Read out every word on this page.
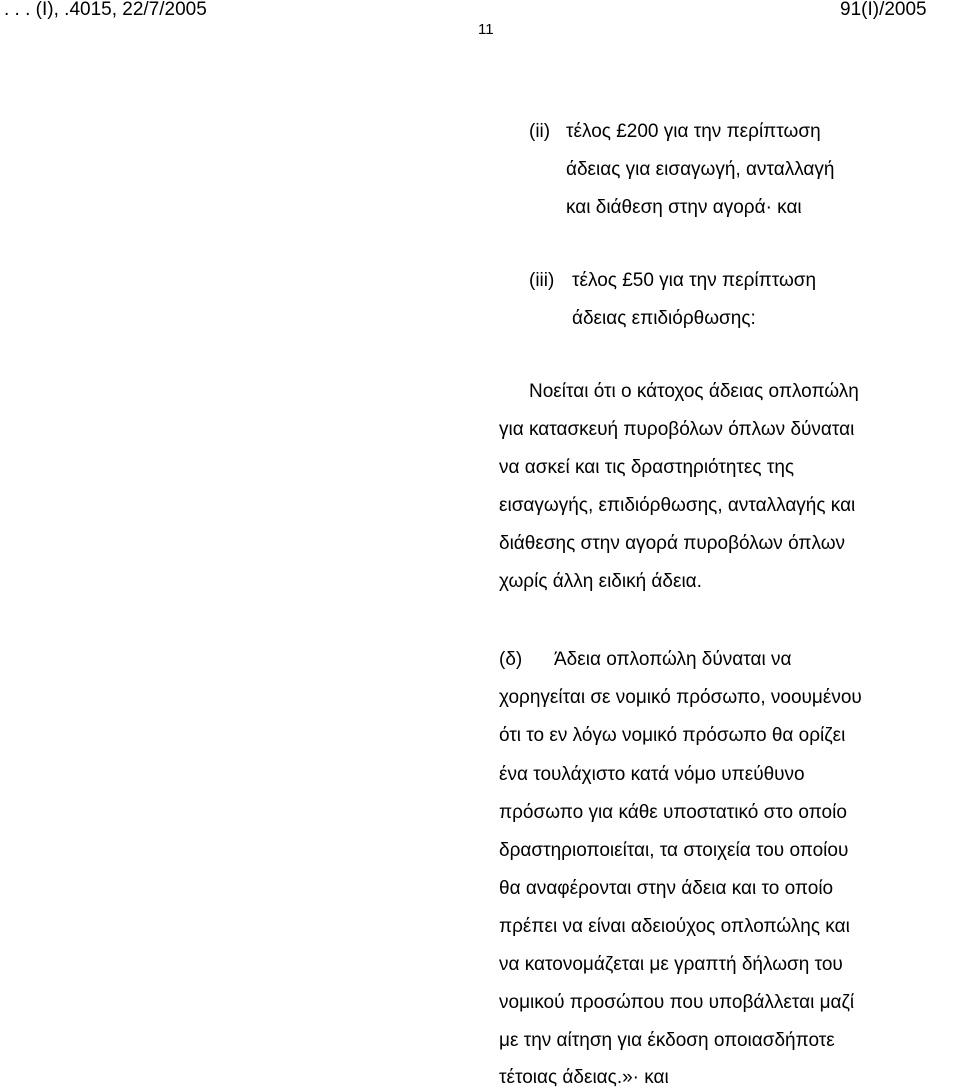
. . . (Ι), .4015, 22/7/2005	91(Ι)/2005
11
(ii) τέλος £200 για την περίπτωση
άδειας για εισαγωγή, ανταλλαγή
και διάθεση στην αγορά· και
(iii) τέλος £50 για την περίπτωση
άδειας επιδιόρθωσης:
Νοείται ότι ο κάτοχος άδειας οπλοπώλη
για κατασκευή πυροβόλων όπλων δύναται
να ασκεί και τις δραστηριότητες της
εισαγωγής, επιδιόρθωσης, ανταλλαγής και
διάθεσης στην αγορά πυροβόλων όπλων
χωρίς άλλη ειδική άδεια.
(δ) Άδεια οπλοπώλη δύναται να
χορηγείται σε νομικό πρόσωπο, νοουμένου
ότι το εν λόγω νομικό πρόσωπο θα ορίζει
ένα τουλάχιστο κατά νόμο υπεύθυνο
πρόσωπο για κάθε υποστατικό στο οποίο
δραστηριοποιείται, τα στοιχεία του οποίου
θα αναφέρονται στην άδεια και το οποίο
πρέπει να είναι αδειούχος οπλοπώλης και
να κατονομάζεται με γραπτή δήλωση του
νομικού προσώπου που υποβάλλεται μαζί
με την αίτηση για έκδοση οποιασδήποτε
τέτοιας άδειας.»· και
